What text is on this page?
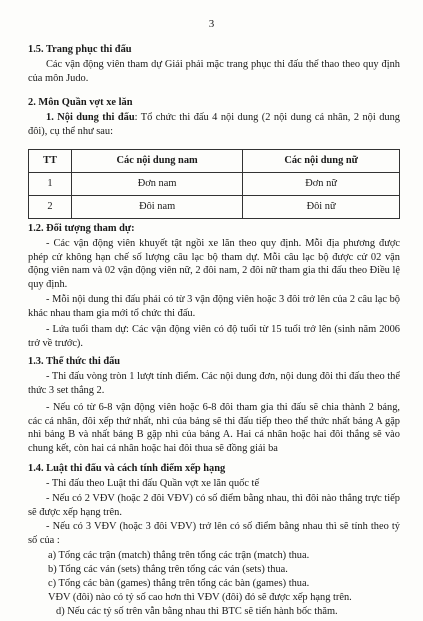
3
1.5. Trang phục thi đấu
Các vận động viên tham dự Giải phải mặc trang phục thi đấu thể thao theo quy định của môn Judo.
2. Môn Quần vợt xe lăn
1. Nội dung thi đấu: Tổ chức thi đấu 4 nội dung (2 nội dung cá nhân, 2 nội dung đôi), cụ thể như sau:
TT	Các nội dung nam	Các nội dung nữ
1	Đơn nam	Đơn nữ
2	Đôi nam	Đôi nữ
1.2. Đối tượng tham dự:
- Các vận động viên khuyết tật ngồi xe lăn theo quy định. Mỗi địa phương được phép cử không hạn chế số lượng câu lạc bộ tham dự. Mỗi câu lạc bộ được cử 02 vận động viên nam và 02 vận động viên nữ, 2 đôi nam, 2 đôi nữ tham gia thi đấu theo Điều lệ quy định.
- Mỗi nội dung thi đấu phải có từ 3 vận động viên hoặc 3 đôi trở lên của 2 câu lạc bộ khác nhau tham gia mới tổ chức thi đấu.
- Lứa tuổi tham dự: Các vận động viên có độ tuổi từ 15 tuổi trở lên (sinh năm 2006 trở về trước).
1.3. Thể thức thi đấu
- Thi đấu vòng tròn 1 lượt tính điểm. Các nội dung đơn, nội dung đôi thi đấu theo thể thức 3 set thắng 2.
- Nếu có từ 6-8 vận động viên hoặc 6-8 đôi tham gia thi đấu sẽ chia thành 2 bảng, các cá nhân, đôi xếp thứ nhất, nhì của bảng sẽ thi đấu tiếp theo thể thức nhất bảng A gặp nhì bảng B và nhất bảng B gặp nhì của bảng A. Hai cá nhân hoặc hai đôi thắng sẽ vào chung kết, còn hai cá nhân hoặc hai đôi thua sẽ đồng giải ba
1.4. Luật thi đấu và cách tính điểm xếp hạng
- Thi đấu theo Luật thi đấu Quần vợt xe lăn quốc tế
- Nếu có 2 VĐV (hoặc 2 đôi VĐV) có số điểm bằng nhau, thì đôi nào thắng trực tiếp sẽ được xếp hạng trên.
- Nếu có 3 VĐV (hoặc 3 đôi VĐV) trở lên có số điểm bằng nhau thì sẽ tính theo tỷ số của :
a) Tổng các trận (match) thắng trên tổng các trận (match) thua.
b) Tổng các ván (sets) thắng trên tổng các ván (sets) thua.
c) Tổng các bàn (games) thắng trên tổng các bàn (games) thua.
VĐV (đôi) nào có tỷ số cao hơn thì VĐV (đôi) đó sẽ được xếp hạng trên.
d) Nếu các tỷ số trên vẫn bằng nhau thì BTC sẽ tiến hành bốc thăm.
